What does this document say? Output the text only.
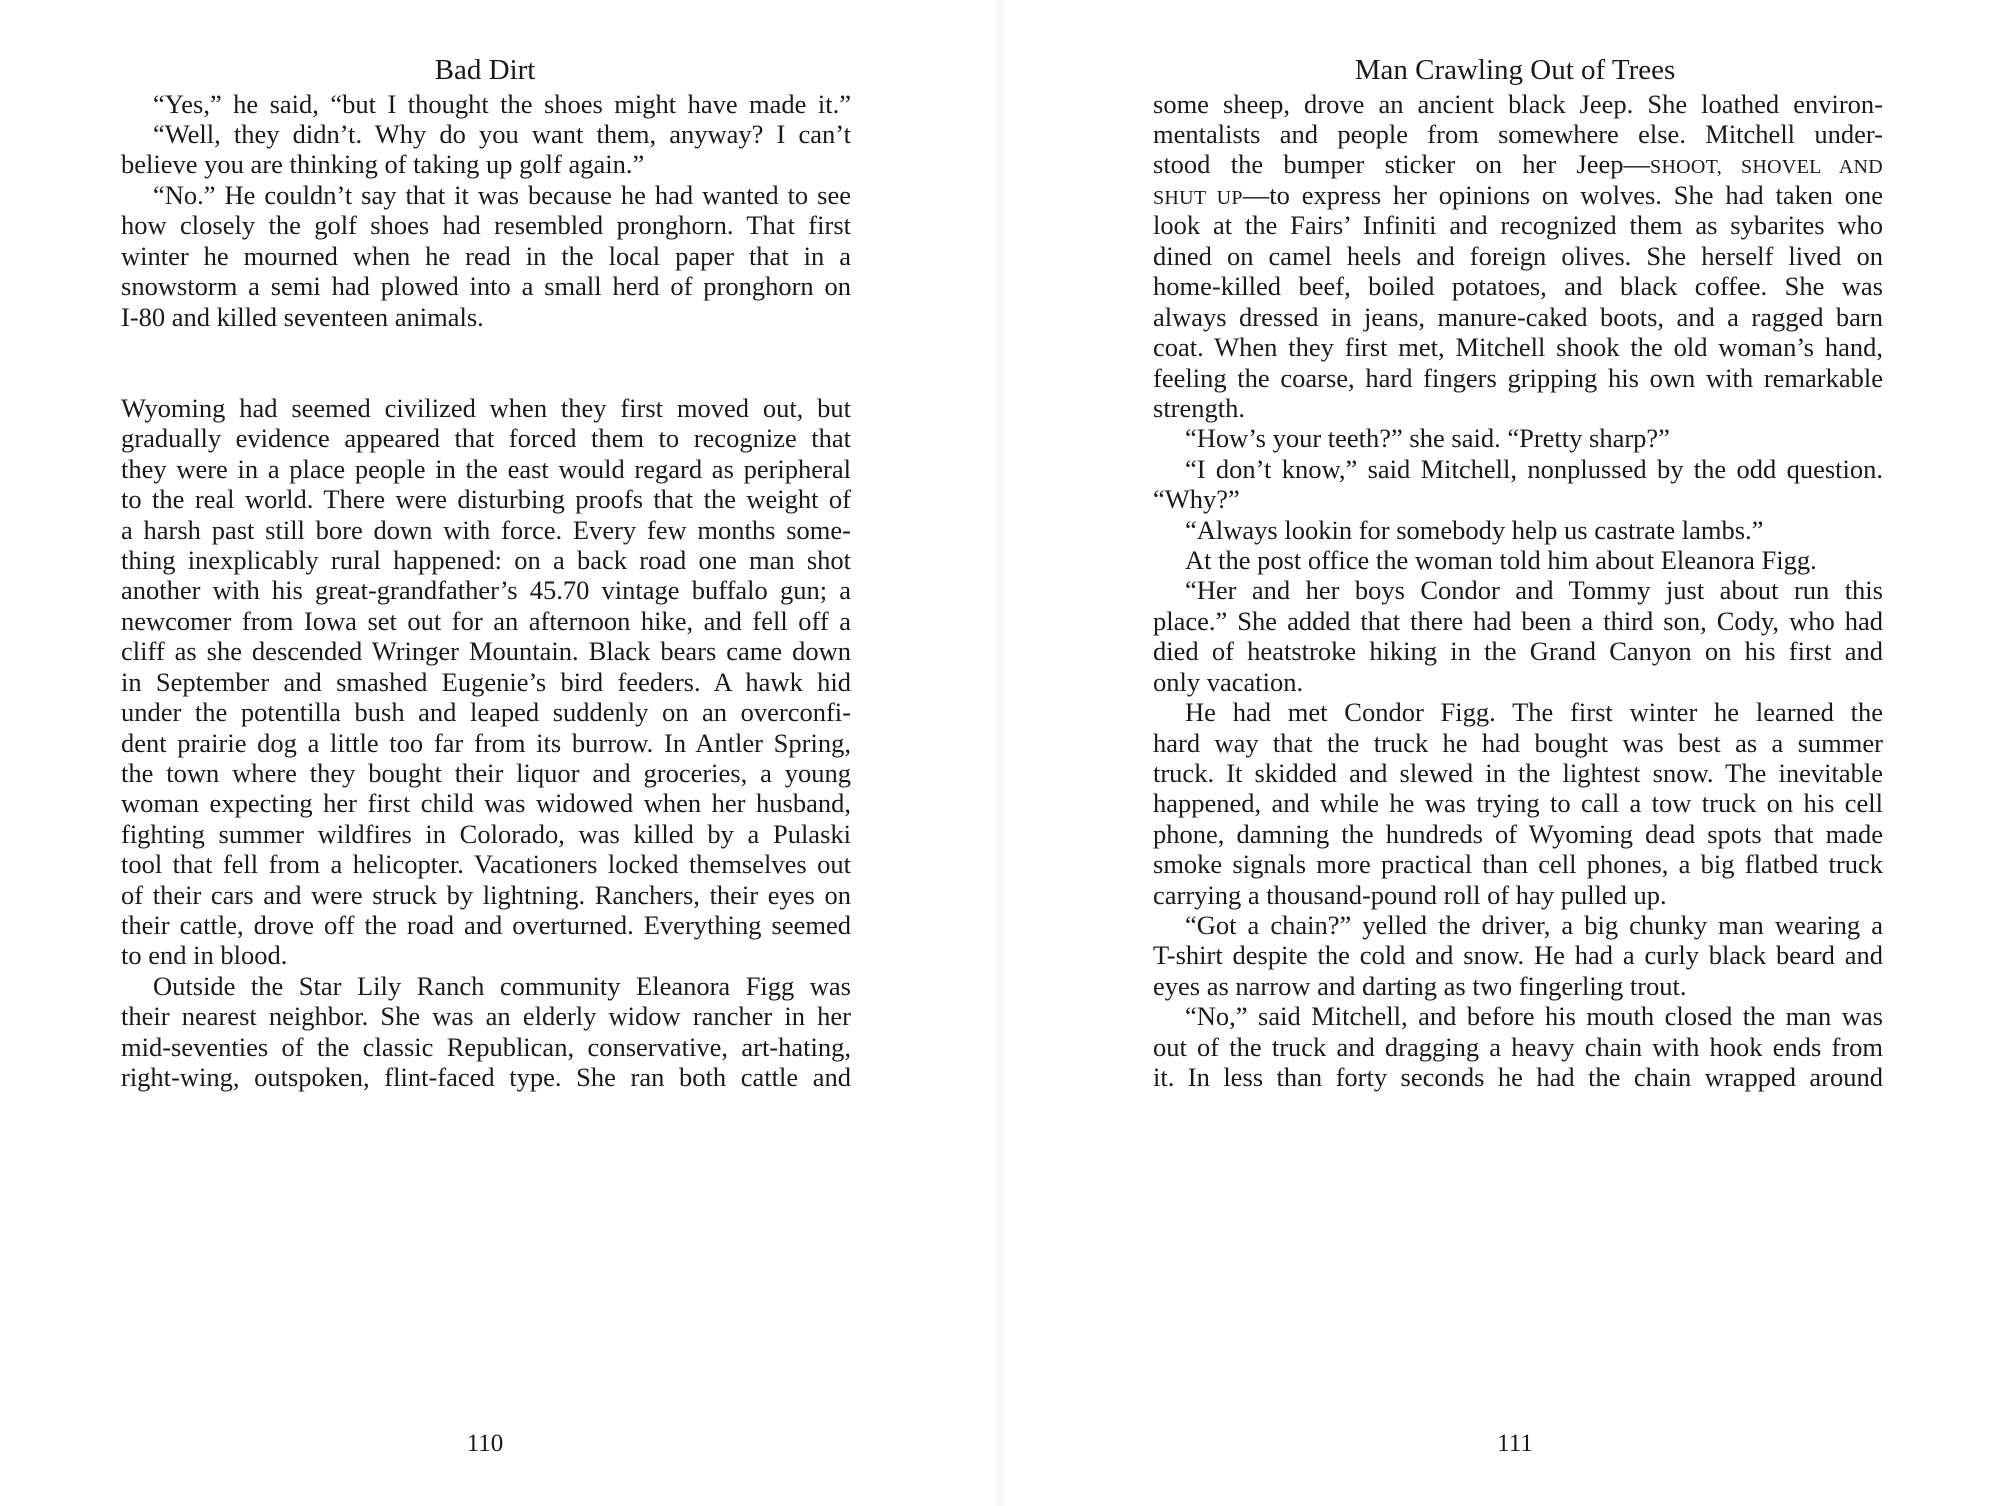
Bad Dirt
“Yes,” he said, “but I thought the shoes might have made it.”
“Well, they didn’t. Why do you want them, anyway? I can’t
believe you are thinking of taking up golf again.”
“No.” He couldn’t say that it was because he had wanted to see
how closely the golf shoes had resembled pronghorn. That first
winter he mourned when he read in the local paper that in a
snowstorm a semi had plowed into a small herd of pronghorn on
I-80 and killed seventeen animals.
Wyoming had seemed civilized when they first moved out, but
gradually evidence appeared that forced them to recognize that
they were in a place people in the east would regard as peripheral
to the real world. There were disturbing proofs that the weight of
a harsh past still bore down with force. Every few months some-
thing inexplicably rural happened: on a back road one man shot
another with his great-grandfather’s 45.70 vintage buffalo gun; a
newcomer from Iowa set out for an afternoon hike, and fell off a
cliff as she descended Wringer Mountain. Black bears came down
in September and smashed Eugenie’s bird feeders. A hawk hid
under the potentilla bush and leaped suddenly on an overconfi-
dent prairie dog a little too far from its burrow. In Antler Spring,
the town where they bought their liquor and groceries, a young
woman expecting her first child was widowed when her husband,
fighting summer wildfires in Colorado, was killed by a Pulaski
tool that fell from a helicopter. Vacationers locked themselves out
of their cars and were struck by lightning. Ranchers, their eyes on
their cattle, drove off the road and overturned. Everything seemed
to end in blood.
Outside the Star Lily Ranch community Eleanora Figg was
their nearest neighbor. She was an elderly widow rancher in her
mid-seventies of the classic Republican, conservative, art-hating,
right-wing, outspoken, flint-faced type. She ran both cattle and
110
Man Crawling Out of Trees
some sheep, drove an ancient black Jeep. She loathed environ-
mentalists and people from somewhere else. Mitchell under-
stood the bumper sticker on her Jeep—SHOOT, SHOVEL AND
SHUT UP—to express her opinions on wolves. She had taken one
look at the Fairs’ Infiniti and recognized them as sybarites who
dined on camel heels and foreign olives. She herself lived on
home-killed beef, boiled potatoes, and black coffee. She was
always dressed in jeans, manure-caked boots, and a ragged barn
coat. When they first met, Mitchell shook the old woman’s hand,
feeling the coarse, hard fingers gripping his own with remarkable
strength.
“How’s your teeth?” she said. “Pretty sharp?”
“I don’t know,” said Mitchell, nonplussed by the odd question.
“Why?”
“Always lookin for somebody help us castrate lambs.”
At the post office the woman told him about Eleanora Figg.
“Her and her boys Condor and Tommy just about run this
place.” She added that there had been a third son, Cody, who had
died of heatstroke hiking in the Grand Canyon on his first and
only vacation.
He had met Condor Figg. The first winter he learned the
hard way that the truck he had bought was best as a summer
truck. It skidded and slewed in the lightest snow. The inevitable
happened, and while he was trying to call a tow truck on his cell
phone, damning the hundreds of Wyoming dead spots that made
smoke signals more practical than cell phones, a big flatbed truck
carrying a thousand-pound roll of hay pulled up.
“Got a chain?” yelled the driver, a big chunky man wearing a
T-shirt despite the cold and snow. He had a curly black beard and
eyes as narrow and darting as two fingerling trout.
“No,” said Mitchell, and before his mouth closed the man was
out of the truck and dragging a heavy chain with hook ends from
it. In less than forty seconds he had the chain wrapped around
111
